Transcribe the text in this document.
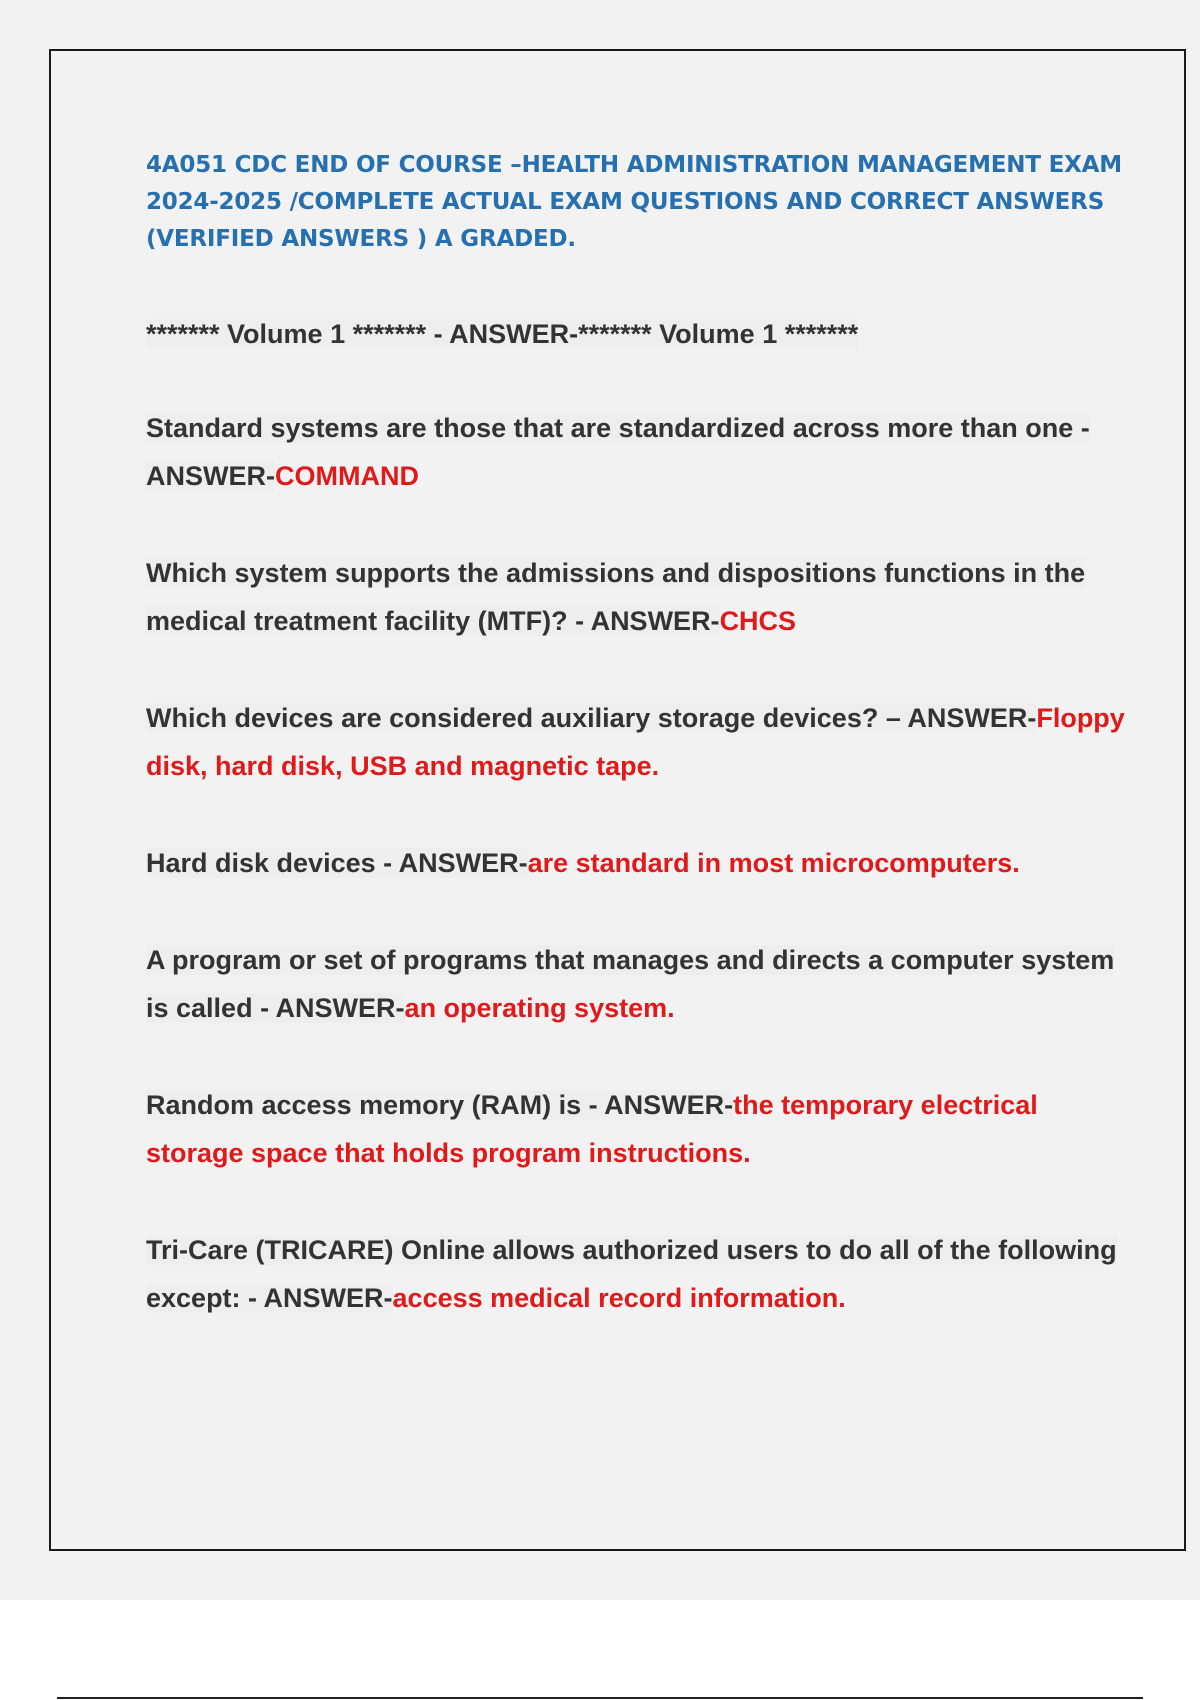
4A051 CDC END OF COURSE –HEALTH ADMINISTRATION MANAGEMENT EXAM 2024-2025 /COMPLETE ACTUAL EXAM QUESTIONS AND CORRECT ANSWERS (VERIFIED ANSWERS ) A GRADED.

******* Volume 1 ******* - ANSWER-******* Volume 1 *******

Standard systems are those that are standardized across more than one - ANSWER-COMMAND

Which system supports the admissions and dispositions functions in the medical treatment facility (MTF)? - ANSWER-CHCS

Which devices are considered auxiliary storage devices? – ANSWER-Floppy disk, hard disk, USB and magnetic tape.

Hard disk devices - ANSWER-are standard in most microcomputers.

A program or set of programs that manages and directs a computer system is called - ANSWER-an operating system.

Random access memory (RAM) is - ANSWER-the temporary electrical storage space that holds program instructions.

Tri-Care (TRICARE) Online allows authorized users to do all of the following except: - ANSWER-access medical record information.
